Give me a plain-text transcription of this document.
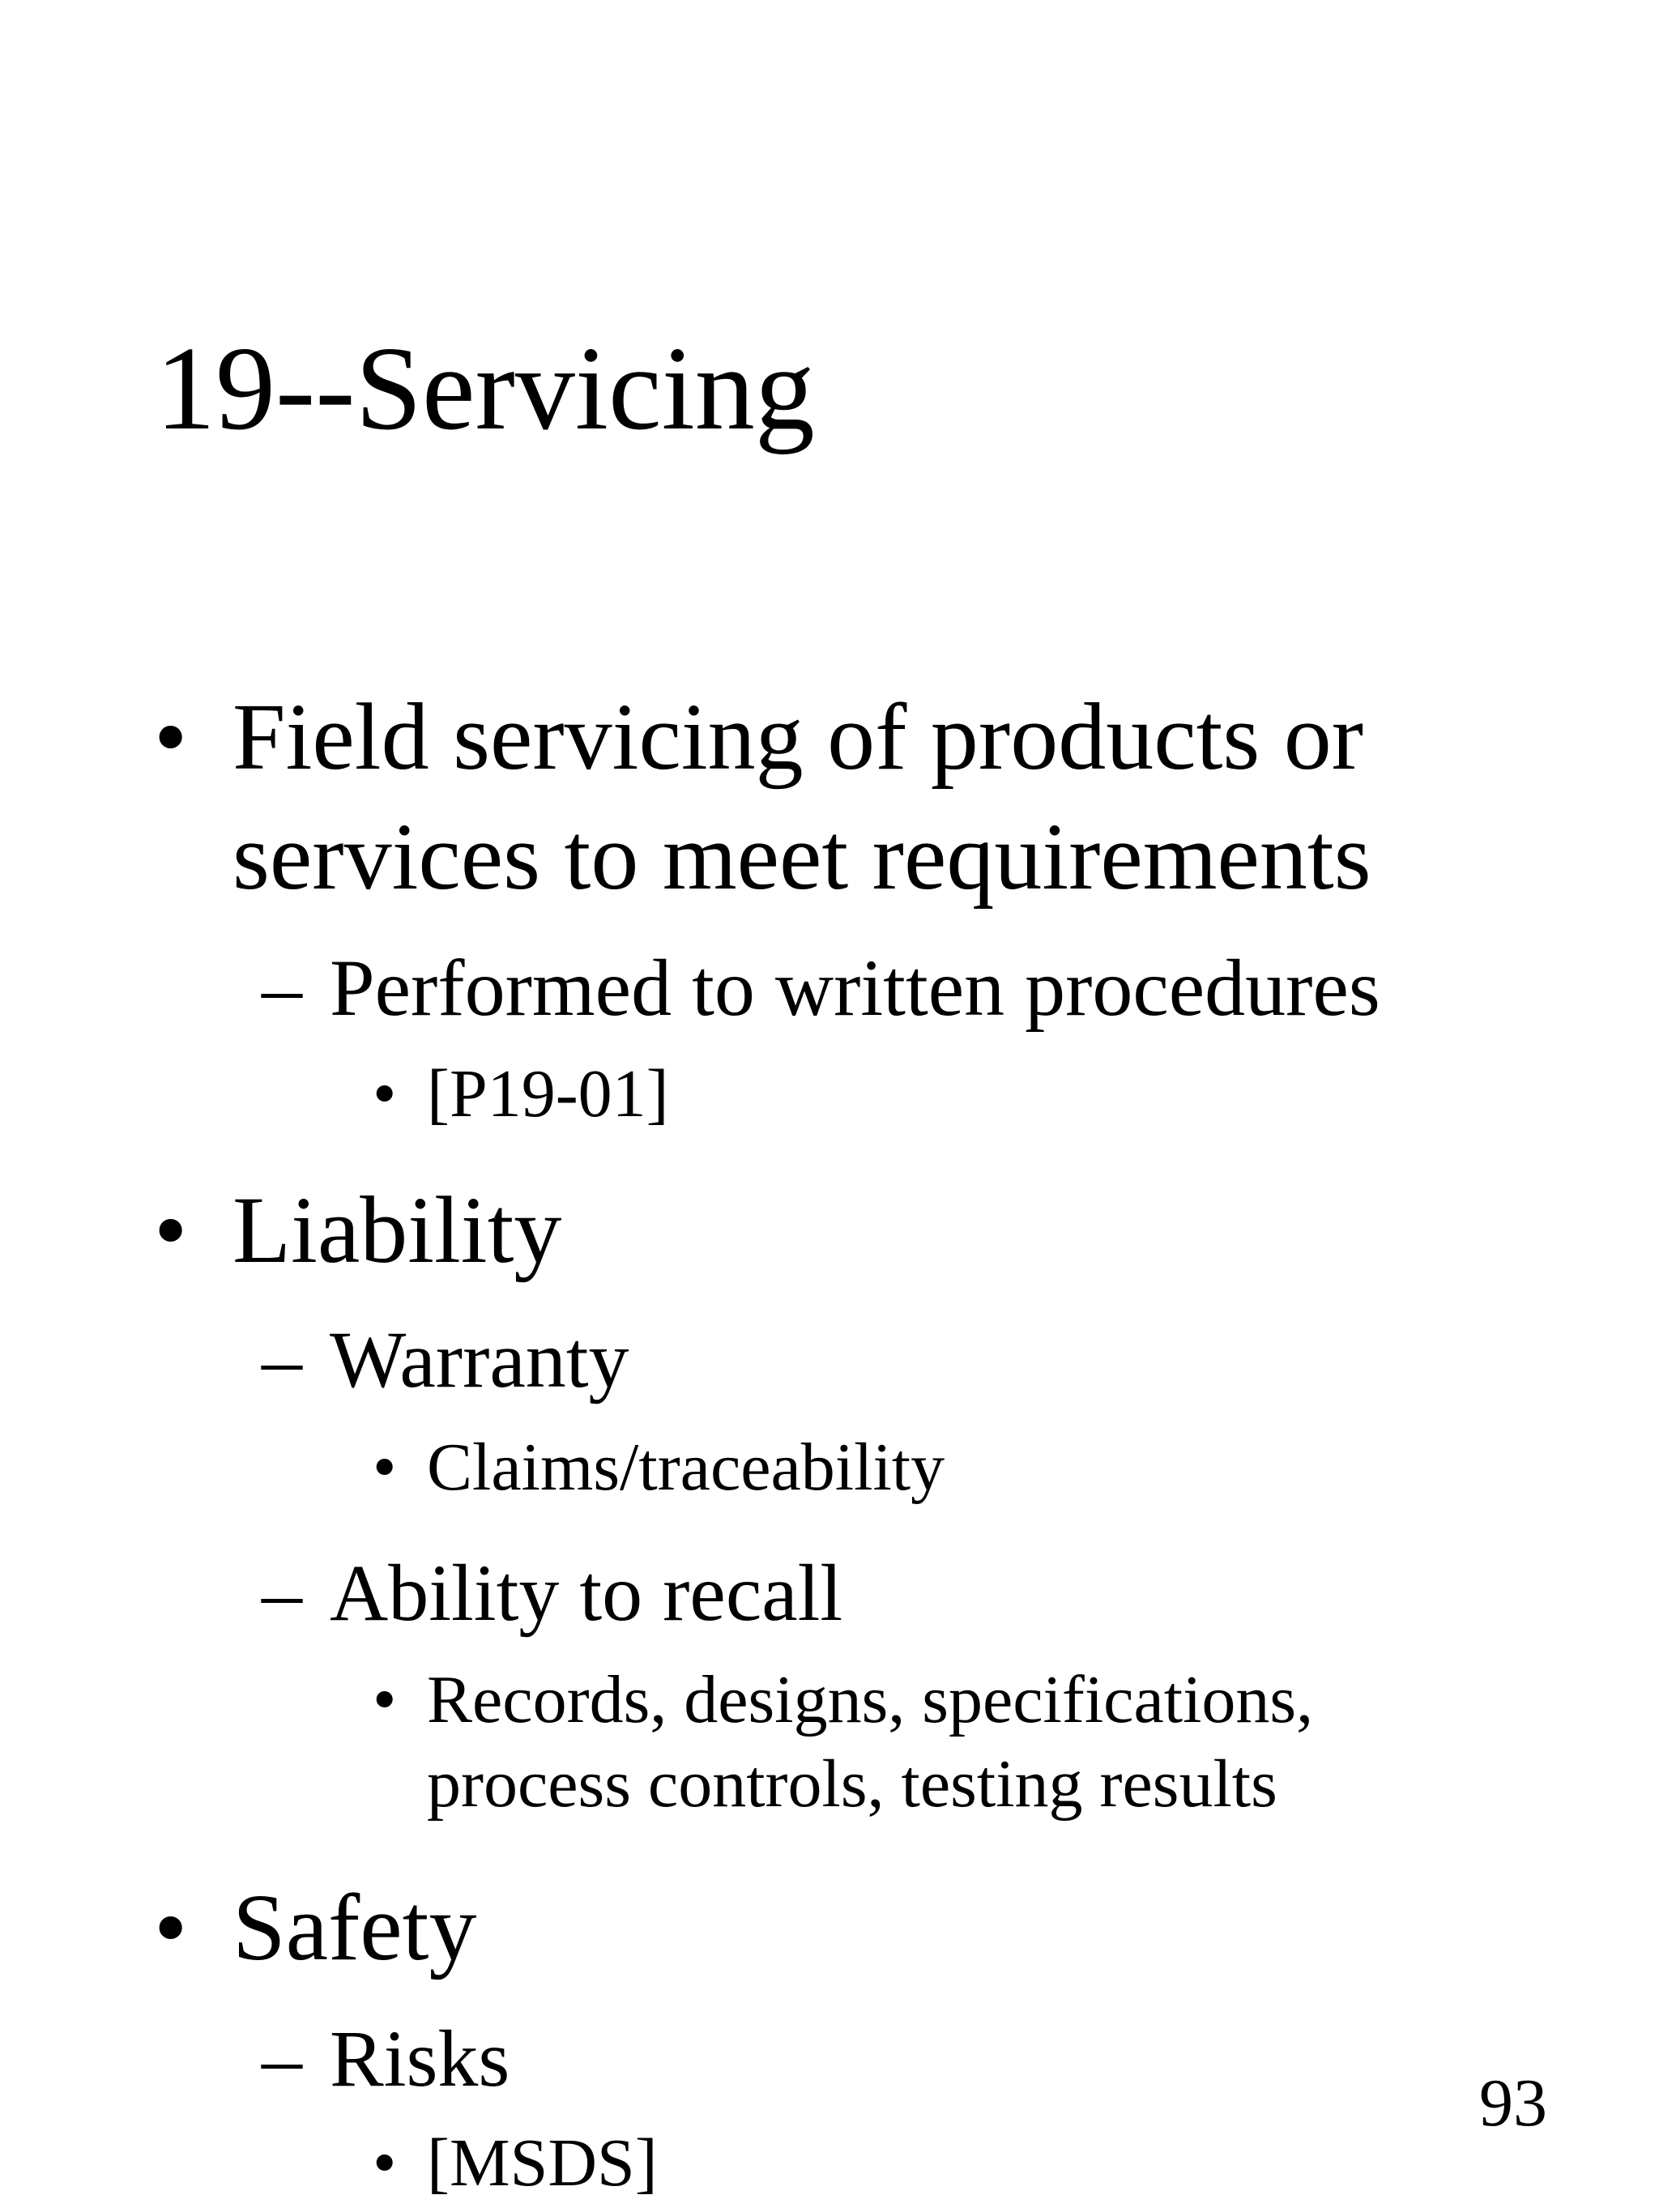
19--Servicing
• Field servicing of products or
services to meet requirements
– Performed to written procedures
• [P19-01]
• Liability
– Warranty
• Claims/traceability
– Ability to recall
• Records, designs, specifications,
process controls, testing results
• Safety
– Risks
• [MSDS]
93
